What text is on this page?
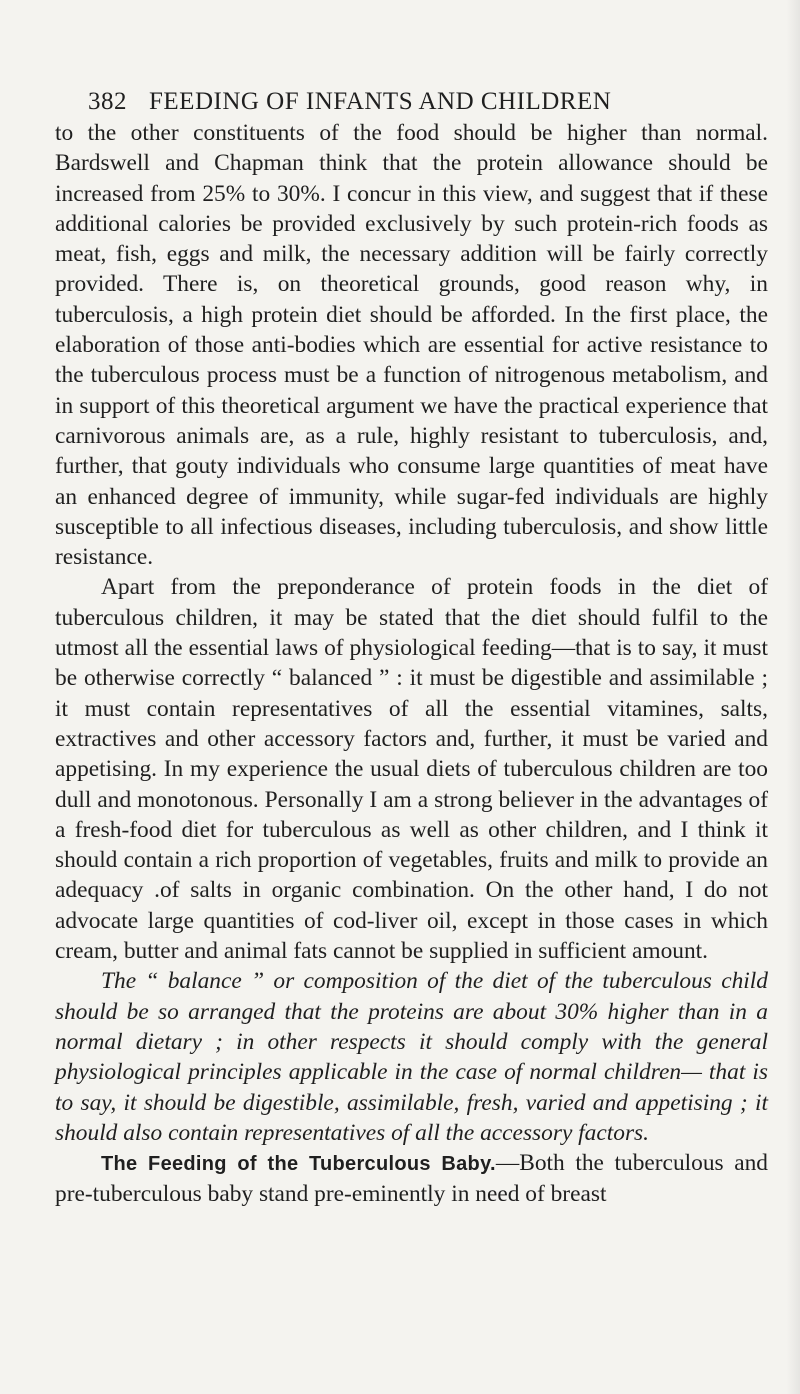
382 FEEDING OF INFANTS AND CHILDREN

to the other constituents of the food should be higher than normal. Bardswell and Chapman think that the protein allowance should be increased from 25% to 30%. I concur in this view, and suggest that if these additional calories be provided exclusively by such protein-rich foods as meat, fish, eggs and milk, the necessary addition will be fairly correctly provided. There is, on theoretical grounds, good reason why, in tuberculosis, a high protein diet should be afforded. In the first place, the elaboration of those anti-bodies which are essential for active resistance to the tuberculous process must be a function of nitrogenous metabolism, and in support of this theoretical argument we have the practical experience that carnivorous animals are, as a rule, highly resistant to tuberculosis, and, further, that gouty individuals who consume large quantities of meat have an enhanced degree of immunity, while sugar-fed individuals are highly susceptible to all infectious diseases, including tuberculosis, and show little resistance.

Apart from the preponderance of protein foods in the diet of tuberculous children, it may be stated that the diet should fulfil to the utmost all the essential laws of physiological feeding—that is to say, it must be otherwise correctly “ balanced ” : it must be digestible and assimilable ; it must contain representatives of all the essential vitamines, salts, extractives and other accessory factors and, further, it must be varied and appetising. In my experience the usual diets of tuberculous children are too dull and monotonous. Personally I am a strong believer in the advantages of a fresh-food diet for tuberculous as well as other children, and I think it should contain a rich proportion of vegetables, fruits and milk to provide an adequacy .of salts in organic combination. On the other hand, I do not advocate large quantities of cod-liver oil, except in those cases in which cream, butter and animal fats cannot be supplied in sufficient amount.

The “ balance ” or composition of the diet of the tuberculous child should be so arranged that the proteins are about 30% higher than in a normal dietary ; in other respects it should comply with the general physiological principles applicable in the case of normal children— that is to say, it should be digestible, assimilable, fresh, varied and appetising ; it should also contain representatives of all the accessory factors.

The Feeding of the Tuberculous Baby.—Both the tuberculous and pre-tuberculous baby stand pre-eminently in need of breast
